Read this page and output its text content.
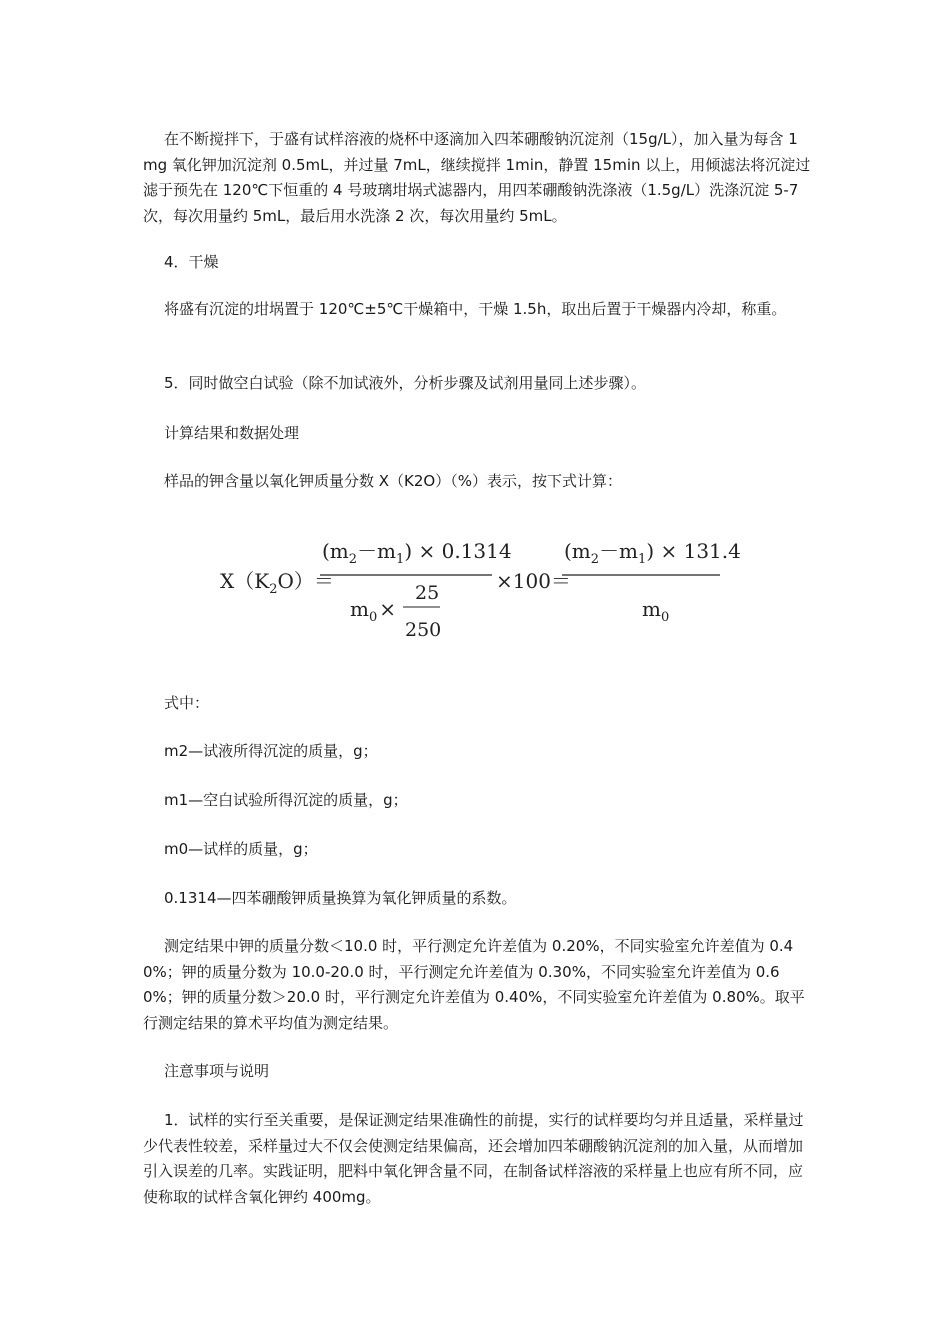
在不断搅拌下，于盛有试样溶液的烧杯中逐滴加入四苯硼酸钠沉淀剂（15g/L），加入量为每含 1mg 氧化钾加沉淀剂 0.5mL，并过量 7mL，继续搅拌 1min，静置 15min 以上，用倾滤法将沉淀过滤于预先在 120℃下恒重的 4 号玻璃坩埚式滤器内，用四苯硼酸钠洗涤液（1.5g/L）洗涤沉淀 5-7 次，每次用量约 5mL，最后用水洗涤 2 次，每次用量约 5mL。

4．干燥

将盛有沉淀的坩埚置于 120℃±5℃干燥箱中，干燥 1.5h，取出后置于干燥器内冷却，称重。

5．同时做空白试验（除不加试液外，分析步骤及试剂用量同上述步骤）。

计算结果和数据处理

样品的钾含量以氧化钾质量分数 X（K2O）（%）表示，按下式计算：

$X(K_2O)=$
$(m_2-m_1) \times 0.1314$
$m_0$ ×
25
250
×100＝
$(m_2-m_1) \times 131.4$
$m_0$

式中：

m2—试液所得沉淀的质量，g；

m1—空白试验所得沉淀的质量，g；

m0—试样的质量，g；

0.1314—四苯硼酸钾质量换算为氧化钾质量的系数。

测定结果中钾的质量分数＜10.0 时，平行测定允许差值为 0.20%，不同实验室允许差值为 0.40%；钾的质量分数为 10.0-20.0 时，平行测定允许差值为 0.30%，不同实验室允许差值为 0.60%；钾的质量分数＞20.0 时，平行测定允许差值为 0.40%，不同实验室允许差值为 0.80%。取平行测定结果的算术平均值为测定结果。

注意事项与说明

1．试样的实行至关重要，是保证测定结果准确性的前提，实行的试样要均匀并且适量，采样量过少代表性较差，采样量过大不仅会使测定结果偏高，还会增加四苯硼酸钠沉淀剂的加入量，从而增加引入误差的几率。实践证明，肥料中氧化钾含量不同，在制备试样溶液的采样量上也应有所不同，应使称取的试样含氧化钾约 400mg。
